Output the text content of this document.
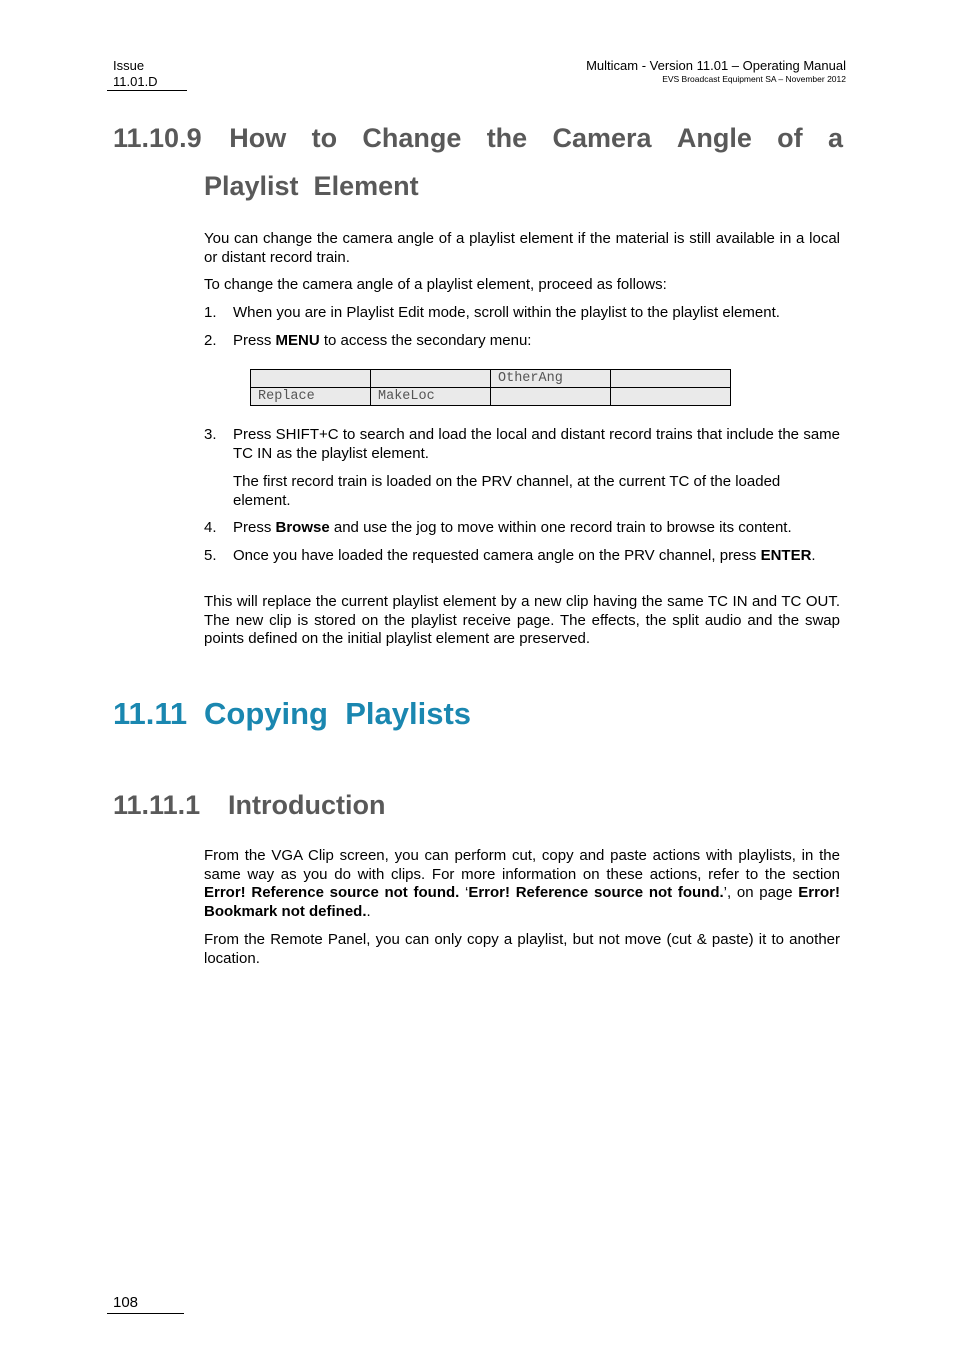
Issue
11.01.D
Multicam - Version 11.01 – Operating Manual
EVS Broadcast Equipment SA – November 2012
11.10.9 How to Change the Camera Angle of a
Playlist  Element
You can change the camera angle of a playlist element if the material is still available in a local or distant record train.
To change the camera angle of a playlist element, proceed as follows:
1. When you are in Playlist Edit mode, scroll within the playlist to the playlist element.
2. Press MENU to access the secondary menu:
		OtherAng	
Replace	MakeLoc		
3. Press SHIFT+C to search and load the local and distant record trains that include the same TC IN as the playlist element.
The first record train is loaded on the PRV channel, at the current TC of the loaded element.
4. Press Browse and use the jog to move within one record train to browse its content.
5. Once you have loaded the requested camera angle on the PRV channel, press ENTER.
This will replace the current playlist element by a new clip having the same TC IN and TC OUT. The new clip is stored on the playlist receive page. The effects, the split audio and the swap points defined on the initial playlist element are preserved.
11.11 Copying  Playlists
11.11.1 Introduction
From the VGA Clip screen, you can perform cut, copy and paste actions with playlists, in the same way as you do with clips. For more information on these actions, refer to the section Error! Reference source not found. ‘Error! Reference source not found.’, on page Error! Bookmark not defined..
From the Remote Panel, you can only copy a playlist, but not move (cut & paste) it to another location.
108
